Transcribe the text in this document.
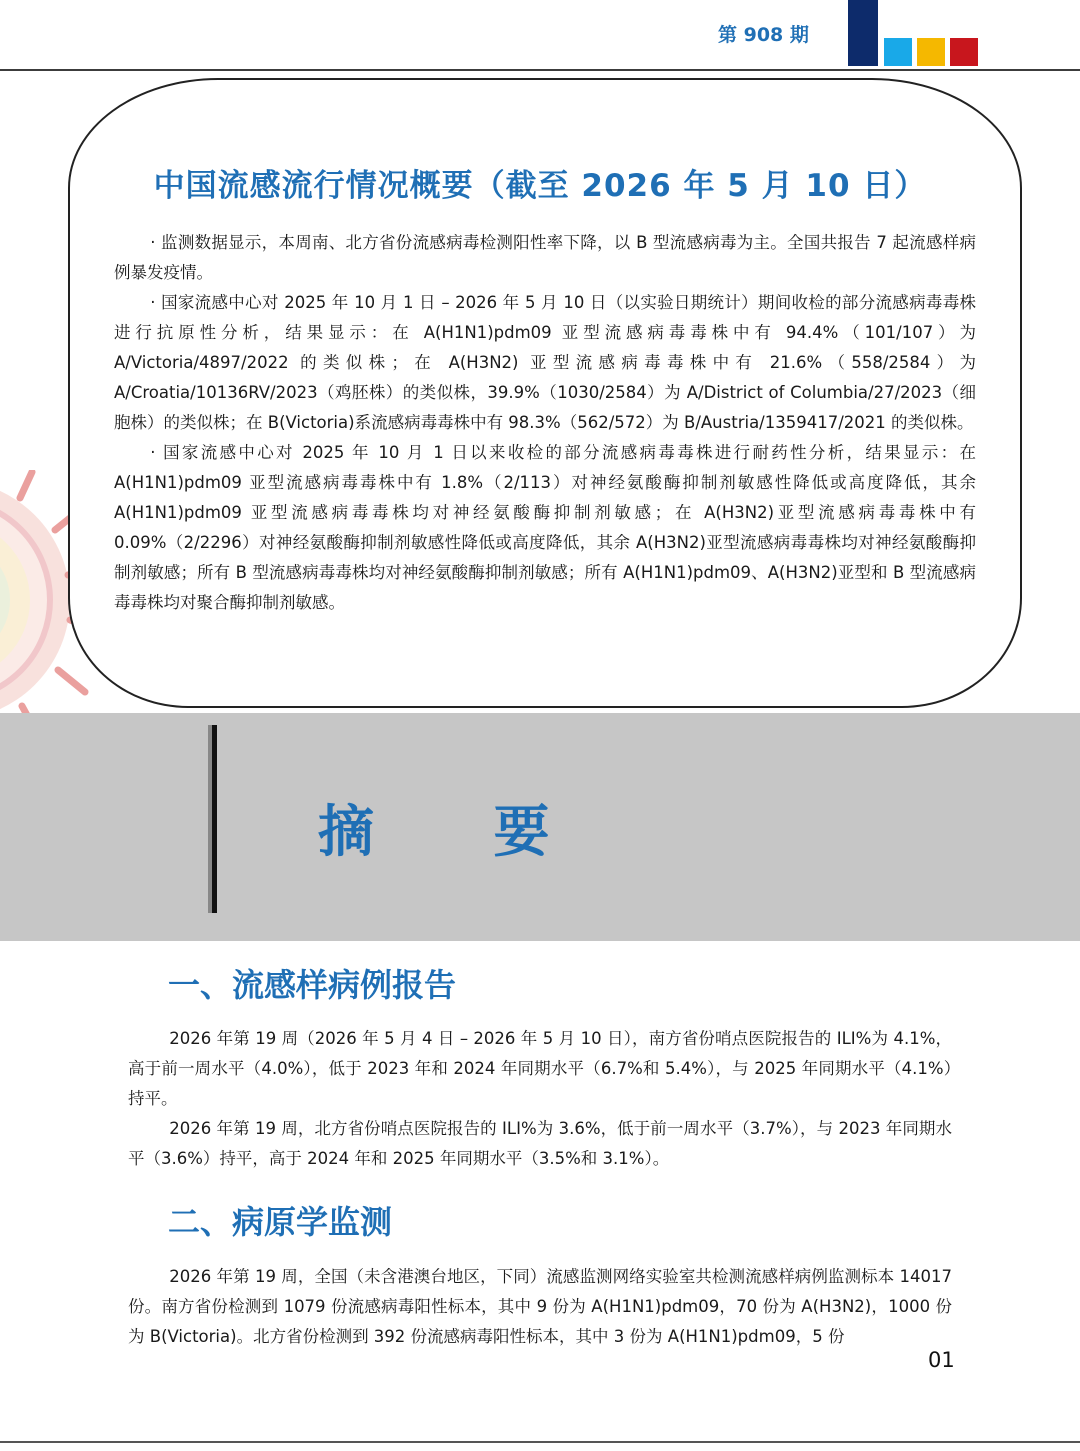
第 908 期
中国流感流行情况概要（截至 2026 年 5 月 10 日）

· 监测数据显示，本周南、北方省份流感病毒检测阳性率下降，以 B 型流感病毒为主。全国共报告 7 起流感样病例暴发疫情。

· 国家流感中心对 2025 年 10 月 1 日 – 2026 年 5 月 10 日（以实验日期统计）期间收检的部分流感病毒毒株进行抗原性分析，结果显示：在 A(H1N1)pdm09 亚型流感病毒毒株中有 94.4%（101/107）为 A/Victoria/4897/2022 的类似株；在 A(H3N2) 亚型流感病毒毒株中有 21.6%（558/2584）为 A/Croatia/10136RV/2023（鸡胚株）的类似株，39.9%（1030/2584）为 A/District of Columbia/27/2023（细胞株）的类似株；在 B(Victoria)系流感病毒毒株中有 98.3%（562/572）为 B/Austria/1359417/2021 的类似株。

· 国家流感中心对 2025 年 10 月 1 日以来收检的部分流感病毒毒株进行耐药性分析，结果显示：在 A(H1N1)pdm09 亚型流感病毒毒株中有 1.8%（2/113）对神经氨酸酶抑制剂敏感性降低或高度降低，其余 A(H1N1)pdm09 亚型流感病毒毒株均对神经氨酸酶抑制剂敏感；在 A(H3N2)亚型流感病毒毒株中有 0.09%（2/2296）对神经氨酸酶抑制剂敏感性降低或高度降低，其余 A(H3N2)亚型流感病毒毒株均对神经氨酸酶抑制剂敏感；所有 B 型流感病毒毒株均对神经氨酸酶抑制剂敏感；所有 A(H1N1)pdm09、A(H3N2)亚型和 B 型流感病毒毒株均对聚合酶抑制剂敏感。

摘 要
一、流感样病例报告

2026 年第 19 周（2026 年 5 月 4 日 – 2026 年 5 月 10 日），南方省份哨点医院报告的 ILI%为 4.1%，高于前一周水平（4.0%），低于 2023 年和 2024 年同期水平（6.7%和 5.4%），与 2025 年同期水平（4.1%）持平。

2026 年第 19 周，北方省份哨点医院报告的 ILI%为 3.6%，低于前一周水平（3.7%），与 2023 年同期水平（3.6%）持平，高于 2024 年和 2025 年同期水平（3.5%和 3.1%）。

二、病原学监测

2026 年第 19 周，全国（未含港澳台地区，下同）流感监测网络实验室共检测流感样病例监测标本 14017 份。南方省份检测到 1079 份流感病毒阳性标本，其中 9 份为 A(H1N1)pdm09，70 份为 A(H3N2)，1000 份为 B(Victoria)。北方省份检测到 392 份流感病毒阳性标本，其中 3 份为 A(H1N1)pdm09，5 份

01
